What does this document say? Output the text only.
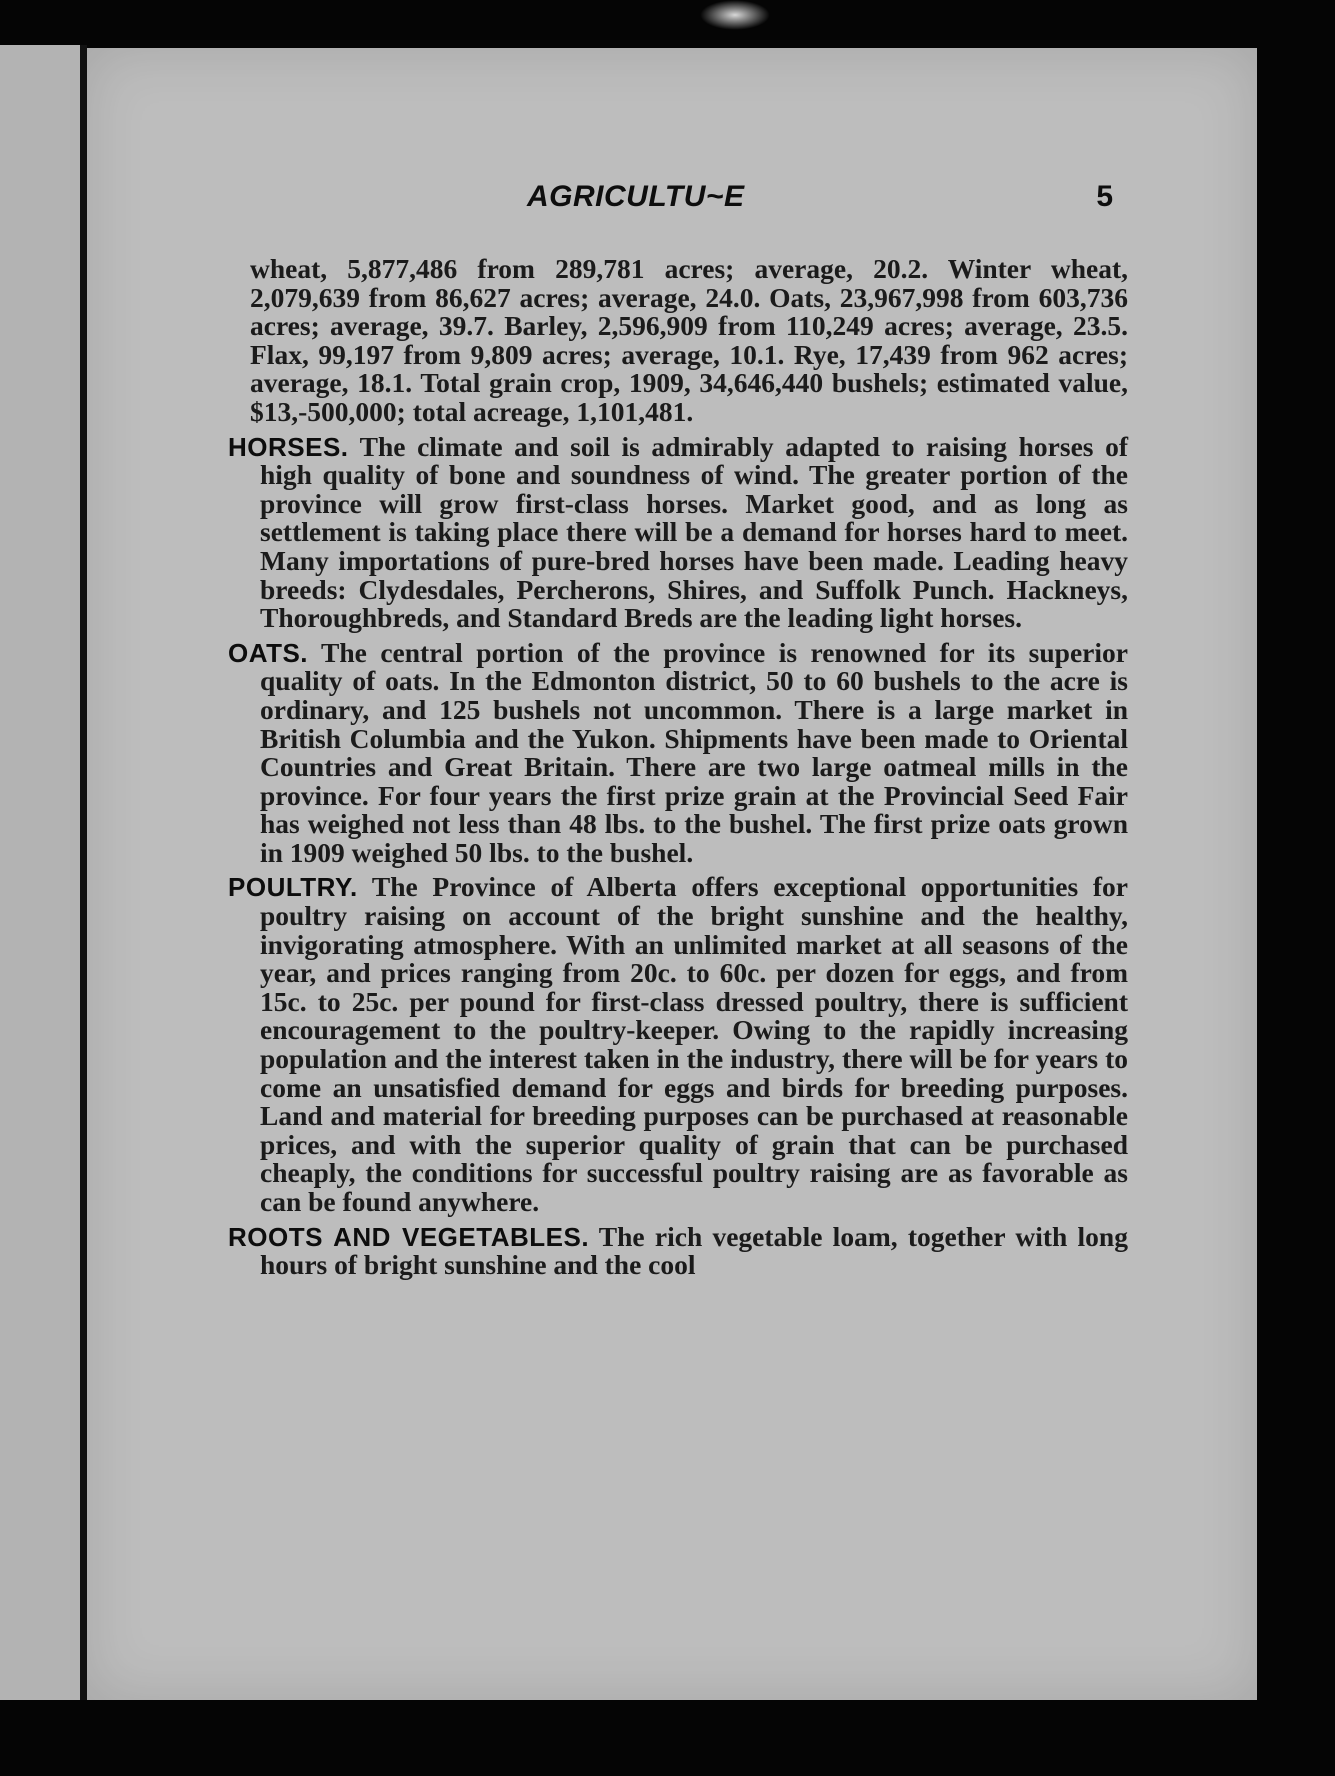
AGRICULTU~E	5

wheat, 5,877,486 from 289,781 acres; average, 20.2. Winter wheat, 2,079,639 from 86,627 acres; average, 24.0. Oats, 23,967,998 from 603,736 acres; average, 39.7. Barley, 2,596,909 from 110,249 acres; average, 23.5. Flax, 99,197 from 9,809 acres; average, 10.1. Rye, 17,439 from 962 acres; average, 18.1. Total grain crop, 1909, 34,646,440 bushels; estimated value, $13,-500,000; total acreage, 1,101,481.

HORSES. The climate and soil is admirably adapted to raising horses of high quality of bone and soundness of wind. The greater portion of the province will grow first-class horses. Market good, and as long as settlement is taking place there will be a demand for horses hard to meet. Many importations of pure-bred horses have been made. Leading heavy breeds: Clydesdales, Percherons, Shires, and Suffolk Punch. Hackneys, Thoroughbreds, and Standard Breds are the leading light horses.

OATS. The central portion of the province is renowned for its superior quality of oats. In the Edmonton district, 50 to 60 bushels to the acre is ordinary, and 125 bushels not uncommon. There is a large market in British Columbia and the Yukon. Shipments have been made to Oriental Countries and Great Britain. There are two large oatmeal mills in the province. For four years the first prize grain at the Provincial Seed Fair has weighed not less than 48 lbs. to the bushel. The first prize oats grown in 1909 weighed 50 lbs. to the bushel.

POULTRY. The Province of Alberta offers exceptional opportunities for poultry raising on account of the bright sunshine and the healthy, invigorating atmosphere. With an unlimited market at all seasons of the year, and prices ranging from 20c. to 60c. per dozen for eggs, and from 15c. to 25c. per pound for first-class dressed poultry, there is sufficient encouragement to the poultry-keeper. Owing to the rapidly increasing population and the interest taken in the industry, there will be for years to come an unsatisfied demand for eggs and birds for breeding purposes. Land and material for breeding purposes can be purchased at reasonable prices, and with the superior quality of grain that can be purchased cheaply, the conditions for successful poultry raising are as favorable as can be found anywhere.

ROOTS AND VEGETABLES. The rich vegetable loam, together with long hours of bright sunshine and the cool
